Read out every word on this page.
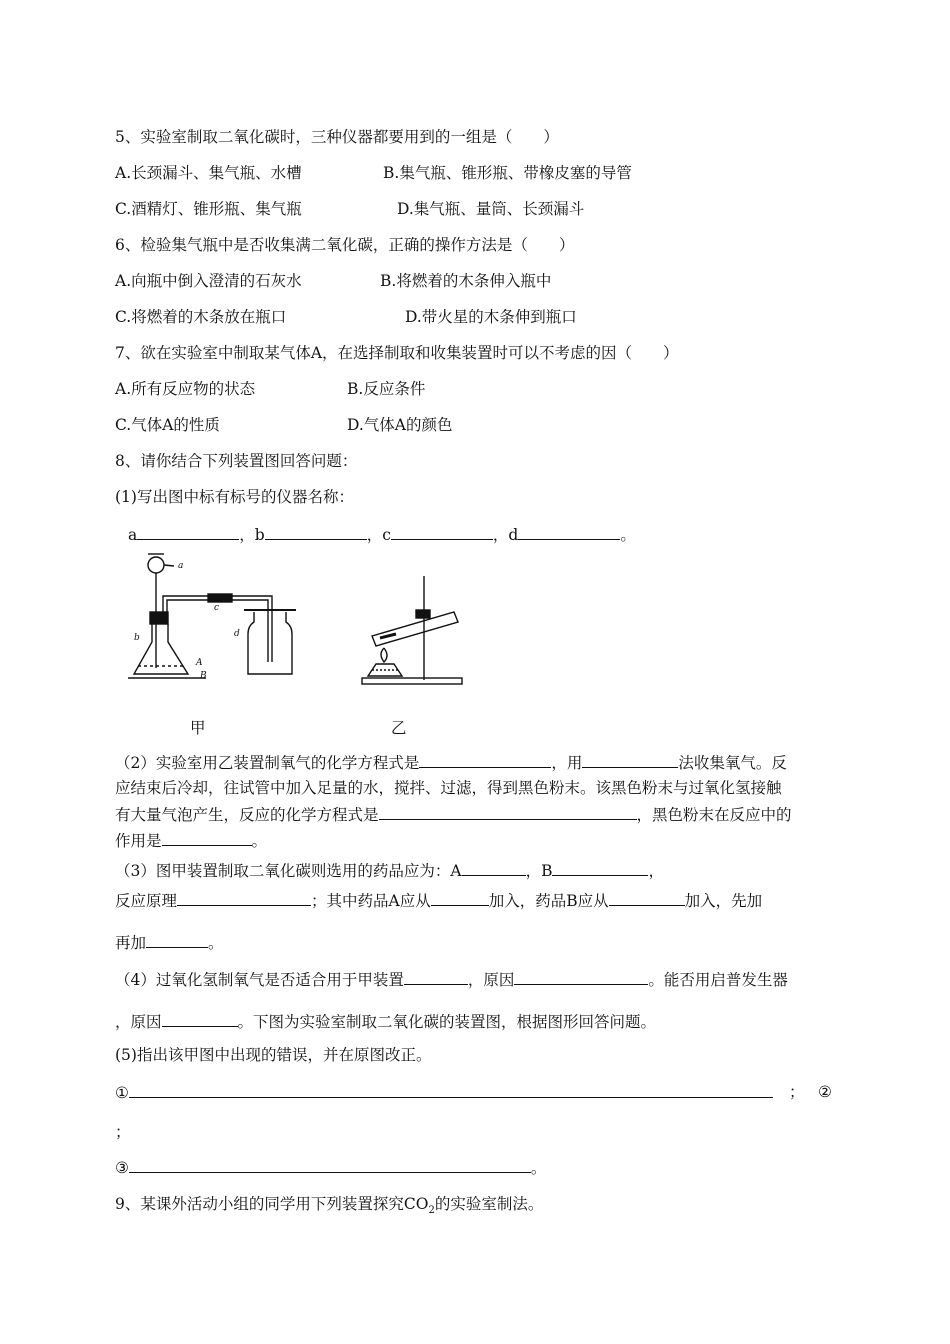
5、实验室制取二氧化碳时，三种仪器都要用到的一组是（　　）
A.长颈漏斗、集气瓶、水槽	B.集气瓶、锥形瓶、带橡皮塞的导管
C.酒精灯、锥形瓶、集气瓶	D.集气瓶、量筒、长颈漏斗
6、检验集气瓶中是否收集满二氧化碳，正确的操作方法是（　　）
A.向瓶中倒入澄清的石灰水	B.将燃着的木条伸入瓶中
C.将燃着的木条放在瓶口	D.带火星的木条伸到瓶口
7、欲在实验室中制取某气体A，在选择制取和收集装置时可以不考虑的因（　　）
A.所有反应物的状态	B.反应条件
C.气体A的性质	D.气体A的颜色
8、请你结合下列装置图回答问题：
(1)写出图中标有标号的仪器名称：
a	，b	，c	，d	。
a
b
c
d
A
B
甲	乙
（2）实验室用乙装置制氧气的化学方程式是	，用	法收集氧气。反
应结束后冷却，往试管中加入足量的水，搅拌、过滤，得到黑色粉末。该黑色粉末与过氧化氢接触
有大量气泡产生，反应的化学方程式是	，黑色粉末在反应中的
作用是	。
（3）图甲装置制取二氧化碳则选用的药品应为：A	，B	，
反应原理	；其中药品A应从	加入，药品B应从	加入，先加
再加	。
（4）过氧化氢制氧气是否适合用于甲装置	，原因	。能否用启普发生器
，原因	。下图为实验室制取二氧化碳的装置图，根据图形回答问题。
(5)指出该甲图中出现的错误，并在原图改正。
①	； ②
；
③	。
9、某课外活动小组的同学用下列装置探究$CO_2$的实验室制法。
